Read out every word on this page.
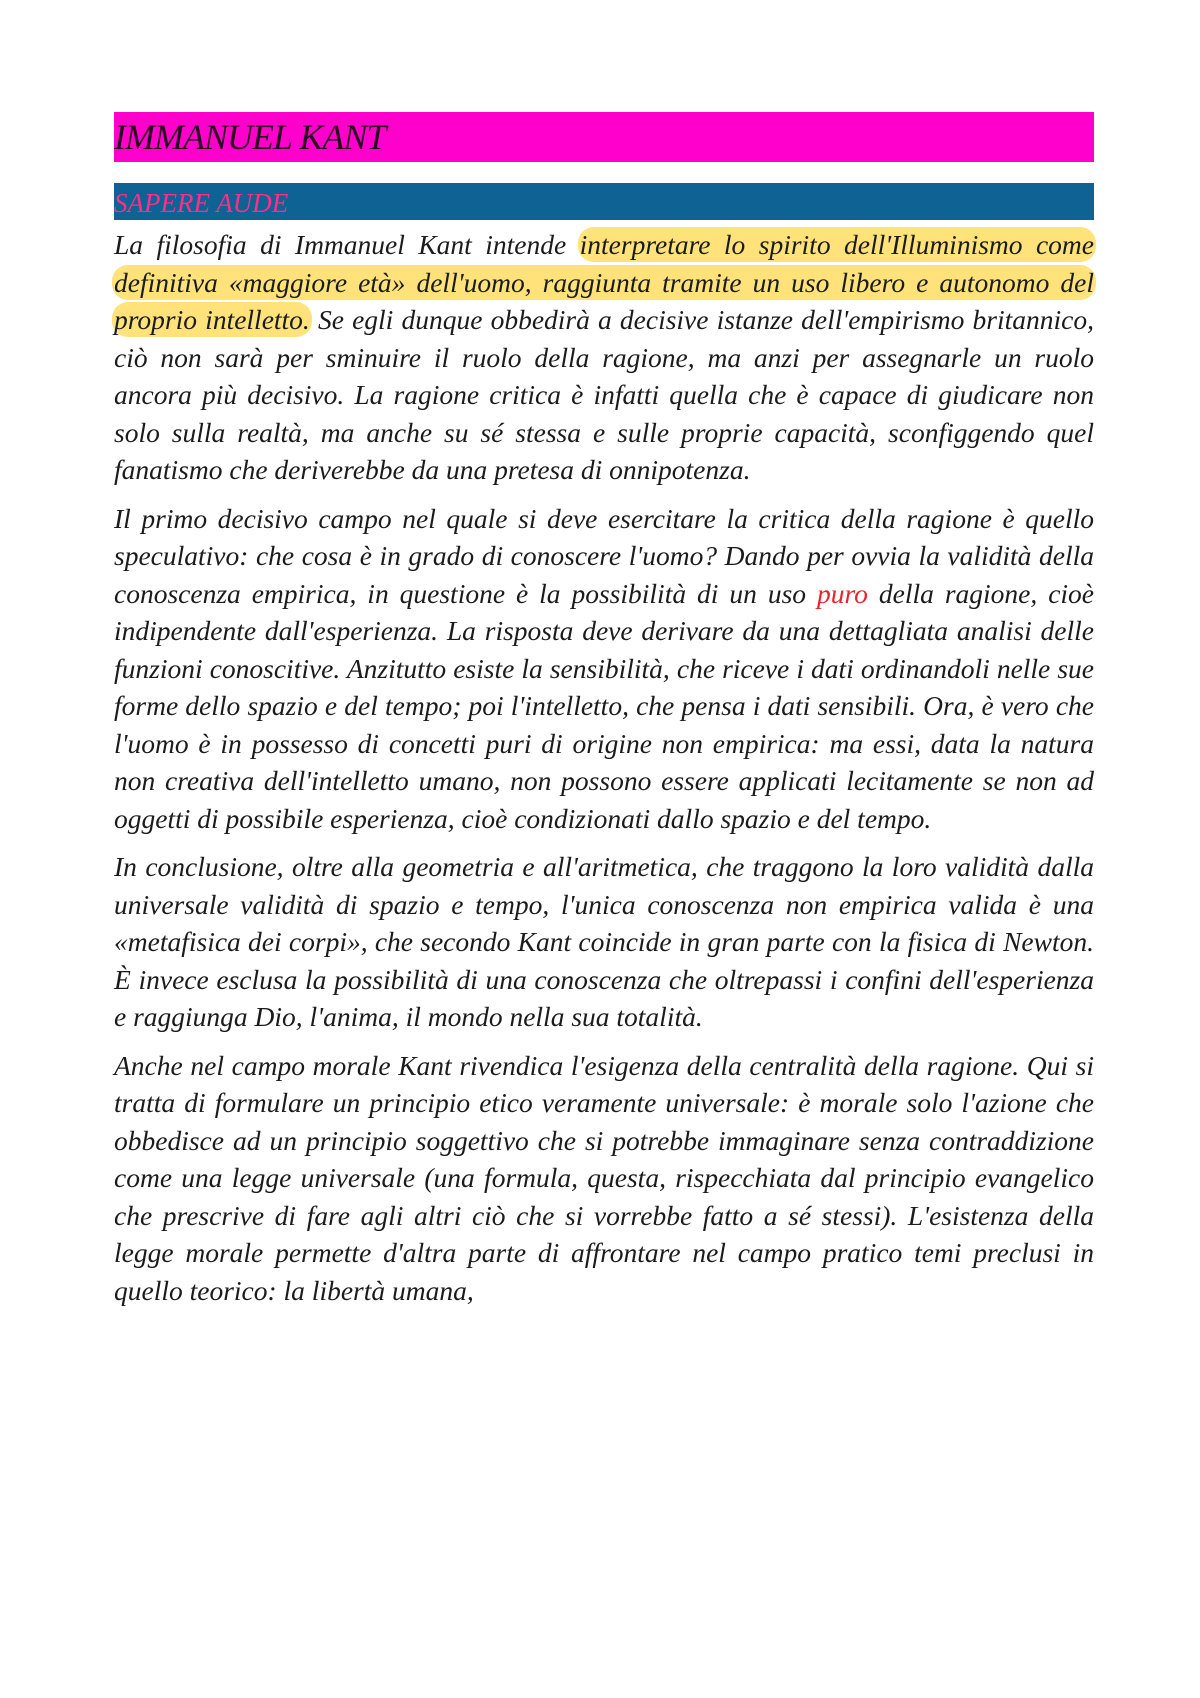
IMMANUEL KANT
SAPERE AUDE

La filosofia di Immanuel Kant intende interpretare lo spirito dell'Illuminismo come definitiva «maggiore età» dell'uomo, raggiunta tramite un uso libero e autonomo del proprio intelletto. Se egli dunque obbedirà a decisive istanze dell'empirismo britannico, ciò non sarà per sminuire il ruolo della ragione, ma anzi per assegnarle un ruolo ancora più decisivo. La ragione critica è infatti quella che è capace di giudicare non solo sulla realtà, ma anche su sé stessa e sulle proprie capacità, sconfiggendo quel fanatismo che deriverebbe da una pretesa di onnipotenza.

Il primo decisivo campo nel quale si deve esercitare la critica della ragione è quello speculativo: che cosa è in grado di conoscere l'uomo? Dando per ovvia la validità della conoscenza empirica, in questione è la possibilità di un uso puro della ragione, cioè indipendente dall'esperienza. La risposta deve derivare da una dettagliata analisi delle funzioni conoscitive. Anzitutto esiste la sensibilità, che riceve i dati ordinandoli nelle sue forme dello spazio e del tempo; poi l'intelletto, che pensa i dati sensibili. Ora, è vero che l'uomo è in possesso di concetti puri di origine non empirica: ma essi, data la natura non creativa dell'intelletto umano, non possono essere applicati lecitamente se non ad oggetti di possibile esperienza, cioè condizionati dallo spazio e del tempo.

In conclusione, oltre alla geometria e all'aritmetica, che traggono la loro validità dalla universale validità di spazio e tempo, l'unica conoscenza non empirica valida è una «metafisica dei corpi», che secondo Kant coincide in gran parte con la fisica di Newton. È invece esclusa la possibilità di una conoscenza che oltrepassi i confini dell'esperienza e raggiunga Dio, l'anima, il mondo nella sua totalità.

Anche nel campo morale Kant rivendica l'esigenza della centralità della ragione. Qui si tratta di formulare un principio etico veramente universale: è morale solo l'azione che obbedisce ad un principio soggettivo che si potrebbe immaginare senza contraddizione come una legge universale (una formula, questa, rispecchiata dal principio evangelico che prescrive di fare agli altri ciò che si vorrebbe fatto a sé stessi). L'esistenza della legge morale permette d'altra parte di affrontare nel campo pratico temi preclusi in quello teorico: la libertà umana,
